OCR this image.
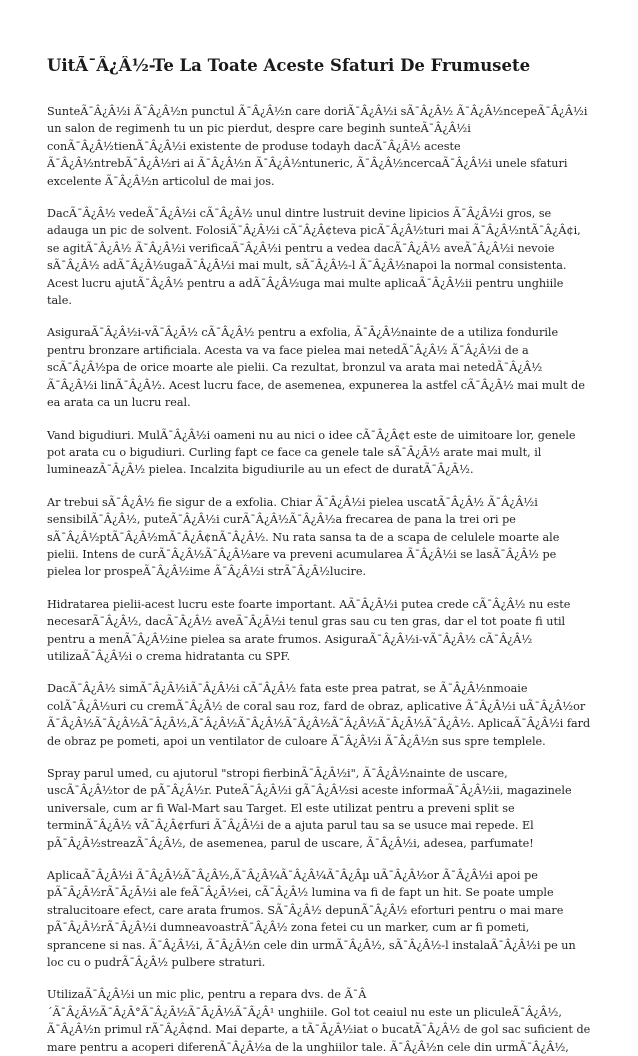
UitÃ¯Â¿Â½-Te La Toate Aceste Sfaturi De Frumusete

SunteÃ¯Â¿Â½i Ã¯Â¿Â½n punctul Ã¯Â¿Â½n care doriÃ¯Â¿Â½i sÃ¯Â¿Â½ Ã¯Â¿Â½ncepeÃ¯Â¿Â½i un salon de regimenh tu un pic pierdut, despre care beginh sunteÃ¯Â¿Â½i conÃ¯Â¿Â½tienÃ¯Â¿Â½i existente de produse todayh dacÃ¯Â¿Â½ aceste Ã¯Â¿Â½ntrebÃ¯Â¿Â½ri ai Ã¯Â¿Â½n Ã¯Â¿Â½ntuneric, Ã¯Â¿Â½ncercaÃ¯Â¿Â½i unele sfaturi excelente Ã¯Â¿Â½n articolul de mai jos.

DacÃ¯Â¿Â½ vedeÃ¯Â¿Â½i cÃ¯Â¿Â½ unul dintre lustruit devine lipicios Ã¯Â¿Â½i gros, se adauga un pic de solvent. FolosiÃ¯Â¿Â½i cÃ¯Â¿Â¢teva picÃ¯Â¿Â½turi mai Ã¯Â¿Â½ntÃ¯Â¿Â¢i, se agitÃ¯Â¿Â½ Ã¯Â¿Â½i verificaÃ¯Â¿Â½i pentru a vedea dacÃ¯Â¿Â½ aveÃ¯Â¿Â½i nevoie sÃ¯Â¿Â½ adÃ¯Â¿Â½ugaÃ¯Â¿Â½i mai mult, sÃ¯Â¿Â½-l Ã¯Â¿Â½napoi la normal consistenta. Acest lucru ajutÃ¯Â¿Â½ pentru a adÃ¯Â¿Â½uga mai multe aplicaÃ¯Â¿Â½ii pentru unghiile tale.

AsiguraÃ¯Â¿Â½i-vÃ¯Â¿Â½ cÃ¯Â¿Â½ pentru a exfolia, Ã¯Â¿Â½nainte de a utiliza fondurile pentru bronzare artificiala. Acesta va va face pielea mai netedÃ¯Â¿Â½ Ã¯Â¿Â½i de a scÃ¯Â¿Â½pa de orice moarte ale pielii. Ca rezultat, bronzul va arata mai netedÃ¯Â¿Â½ Ã¯Â¿Â½i linÃ¯Â¿Â½. Acest lucru face, de asemenea, expunerea la astfel cÃ¯Â¿Â½ mai mult de ea arata ca un lucru real.

Vand bigudiuri. MulÃ¯Â¿Â½i oameni nu au nici o idee cÃ¯Â¿Â¢t este de uimitoare lor, genele pot arata cu o bigudiuri. Curling fapt ce face ca genele tale sÃ¯Â¿Â½ arate mai mult, il lumineazÃ¯Â¿Â½ pielea. Incalzita bigudiurile au un efect de duratÃ¯Â¿Â½.

Ar trebui sÃ¯Â¿Â½ fie sigur de a exfolia. Chiar Ã¯Â¿Â½i pielea uscatÃ¯Â¿Â½ Ã¯Â¿Â½i sensibilÃ¯Â¿Â½, puteÃ¯Â¿Â½i curÃ¯Â¿Â½Ã¯Â¿Â½a frecarea de pana la trei ori pe sÃ¯Â¿Â½ptÃ¯Â¿Â½mÃ¯Â¿Â¢nÃ¯Â¿Â½. Nu rata sansa ta de a scapa de celulele moarte ale pielii. Intens de curÃ¯Â¿Â½Ã¯Â¿Â½are va preveni acumularea Ã¯Â¿Â½i se lasÃ¯Â¿Â½ pe pielea lor prospeÃ¯Â¿Â½ime Ã¯Â¿Â½i strÃ¯Â¿Â½lucire.

Hidratarea pielii-acest lucru este foarte important. AÃ¯Â¿Â½i putea crede cÃ¯Â¿Â½ nu este necesarÃ¯Â¿Â½, dacÃ¯Â¿Â½ aveÃ¯Â¿Â½i tenul gras sau cu ten gras, dar el tot poate fi util pentru a menÃ¯Â¿Â½ine pielea sa arate frumos. AsiguraÃ¯Â¿Â½i-vÃ¯Â¿Â½ cÃ¯Â¿Â½ utilizaÃ¯Â¿Â½i o crema hidratanta cu SPF.

DacÃ¯Â¿Â½ simÃ¯Â¿Â½iÃ¯Â¿Â½i cÃ¯Â¿Â½ fata este prea patrat, se Ã¯Â¿Â½nmoaie colÃ¯Â¿Â½uri cu cremÃ¯Â¿Â½ de coral sau roz, fard de obraz, aplicative Ã¯Â¿Â½i uÃ¯Â¿Â½or Ã¯Â¿Â½Ã¯Â¿Â½Ã¯Â¿Â½,Ã¯Â¿Â½Ã¯Â¿Â½Ã¯Â¿Â½Ã¯Â¿Â½Ã¯Â¿Â½Ã¯Â¿Â½. AplicaÃ¯Â¿Â½i fard de obraz pe pometi, apoi un ventilator de culoare Ã¯Â¿Â½i Ã¯Â¿Â½n sus spre templele.

Spray parul umed, cu ajutorul "stropi fierbinÃ¯Â¿Â½i", Ã¯Â¿Â½nainte de uscare, uscÃ¯Â¿Â½tor de pÃ¯Â¿Â½r. PuteÃ¯Â¿Â½i gÃ¯Â¿Â½si aceste informaÃ¯Â¿Â½ii, magazinele universale, cum ar fi Wal-Mart sau Target. El este utilizat pentru a preveni split se terminÃ¯Â¿Â½ vÃ¯Â¿Â¢rfuri Ã¯Â¿Â½i de a ajuta parul tau sa se usuce mai repede. El pÃ¯Â¿Â½streazÃ¯Â¿Â½, de asemenea, parul de uscare, Ã¯Â¿Â½i, adesea, parfumate!

AplicaÃ¯Â¿Â½i Ã¯Â¿Â½Ã¯Â¿Â½,Ã¯Â¿Â¼Ã¯Â¿Â¼Ã¯Â¿Âµ uÃ¯Â¿Â½or Ã¯Â¿Â½i apoi pe pÃ¯Â¿Â½rÃ¯Â¿Â½i ale feÃ¯Â¿Â½ei, cÃ¯Â¿Â½ lumina va fi de fapt un hit. Se poate umple stralucitoare efect, care arata frumos. SÃ¯Â¿Â½ depunÃ¯Â¿Â½ eforturi pentru o mai mare pÃ¯Â¿Â½rÃ¯Â¿Â½i dumneavoastrÃ¯Â¿Â½ zona fetei cu un marker, cum ar fi pometi, sprancene si nas. Ã¯Â¿Â½i, Ã¯Â¿Â½n cele din urmÃ¯Â¿Â½, sÃ¯Â¿Â½-l instalaÃ¯Â¿Â½i pe un loc cu o pudrÃ¯Â¿Â½ pulbere straturi.

UtilizaÃ¯Â¿Â½i un mic plic, pentru a repara dvs. de Ã¯Â´Ã¯Â¿Â½Ã¯Â¿Â°Ã¯Â¿Â½Ã¯Â¿Â½Ã¯Â¿Â¹ unghiile. Gol tot ceaiul nu este un pliculeÃ¯Â¿Â½, Ã¯Â¿Â½n primul rÃ¯Â¿Â¢nd. Mai departe, a tÃ¯Â¿Â½iat o bucatÃ¯Â¿Â½ de gol sac suficient de mare pentru a acoperi diferenÃ¯Â¿Â½a de la unghiilor tale. Ã¯Â¿Â½n cele din urmÃ¯Â¿Â½,
